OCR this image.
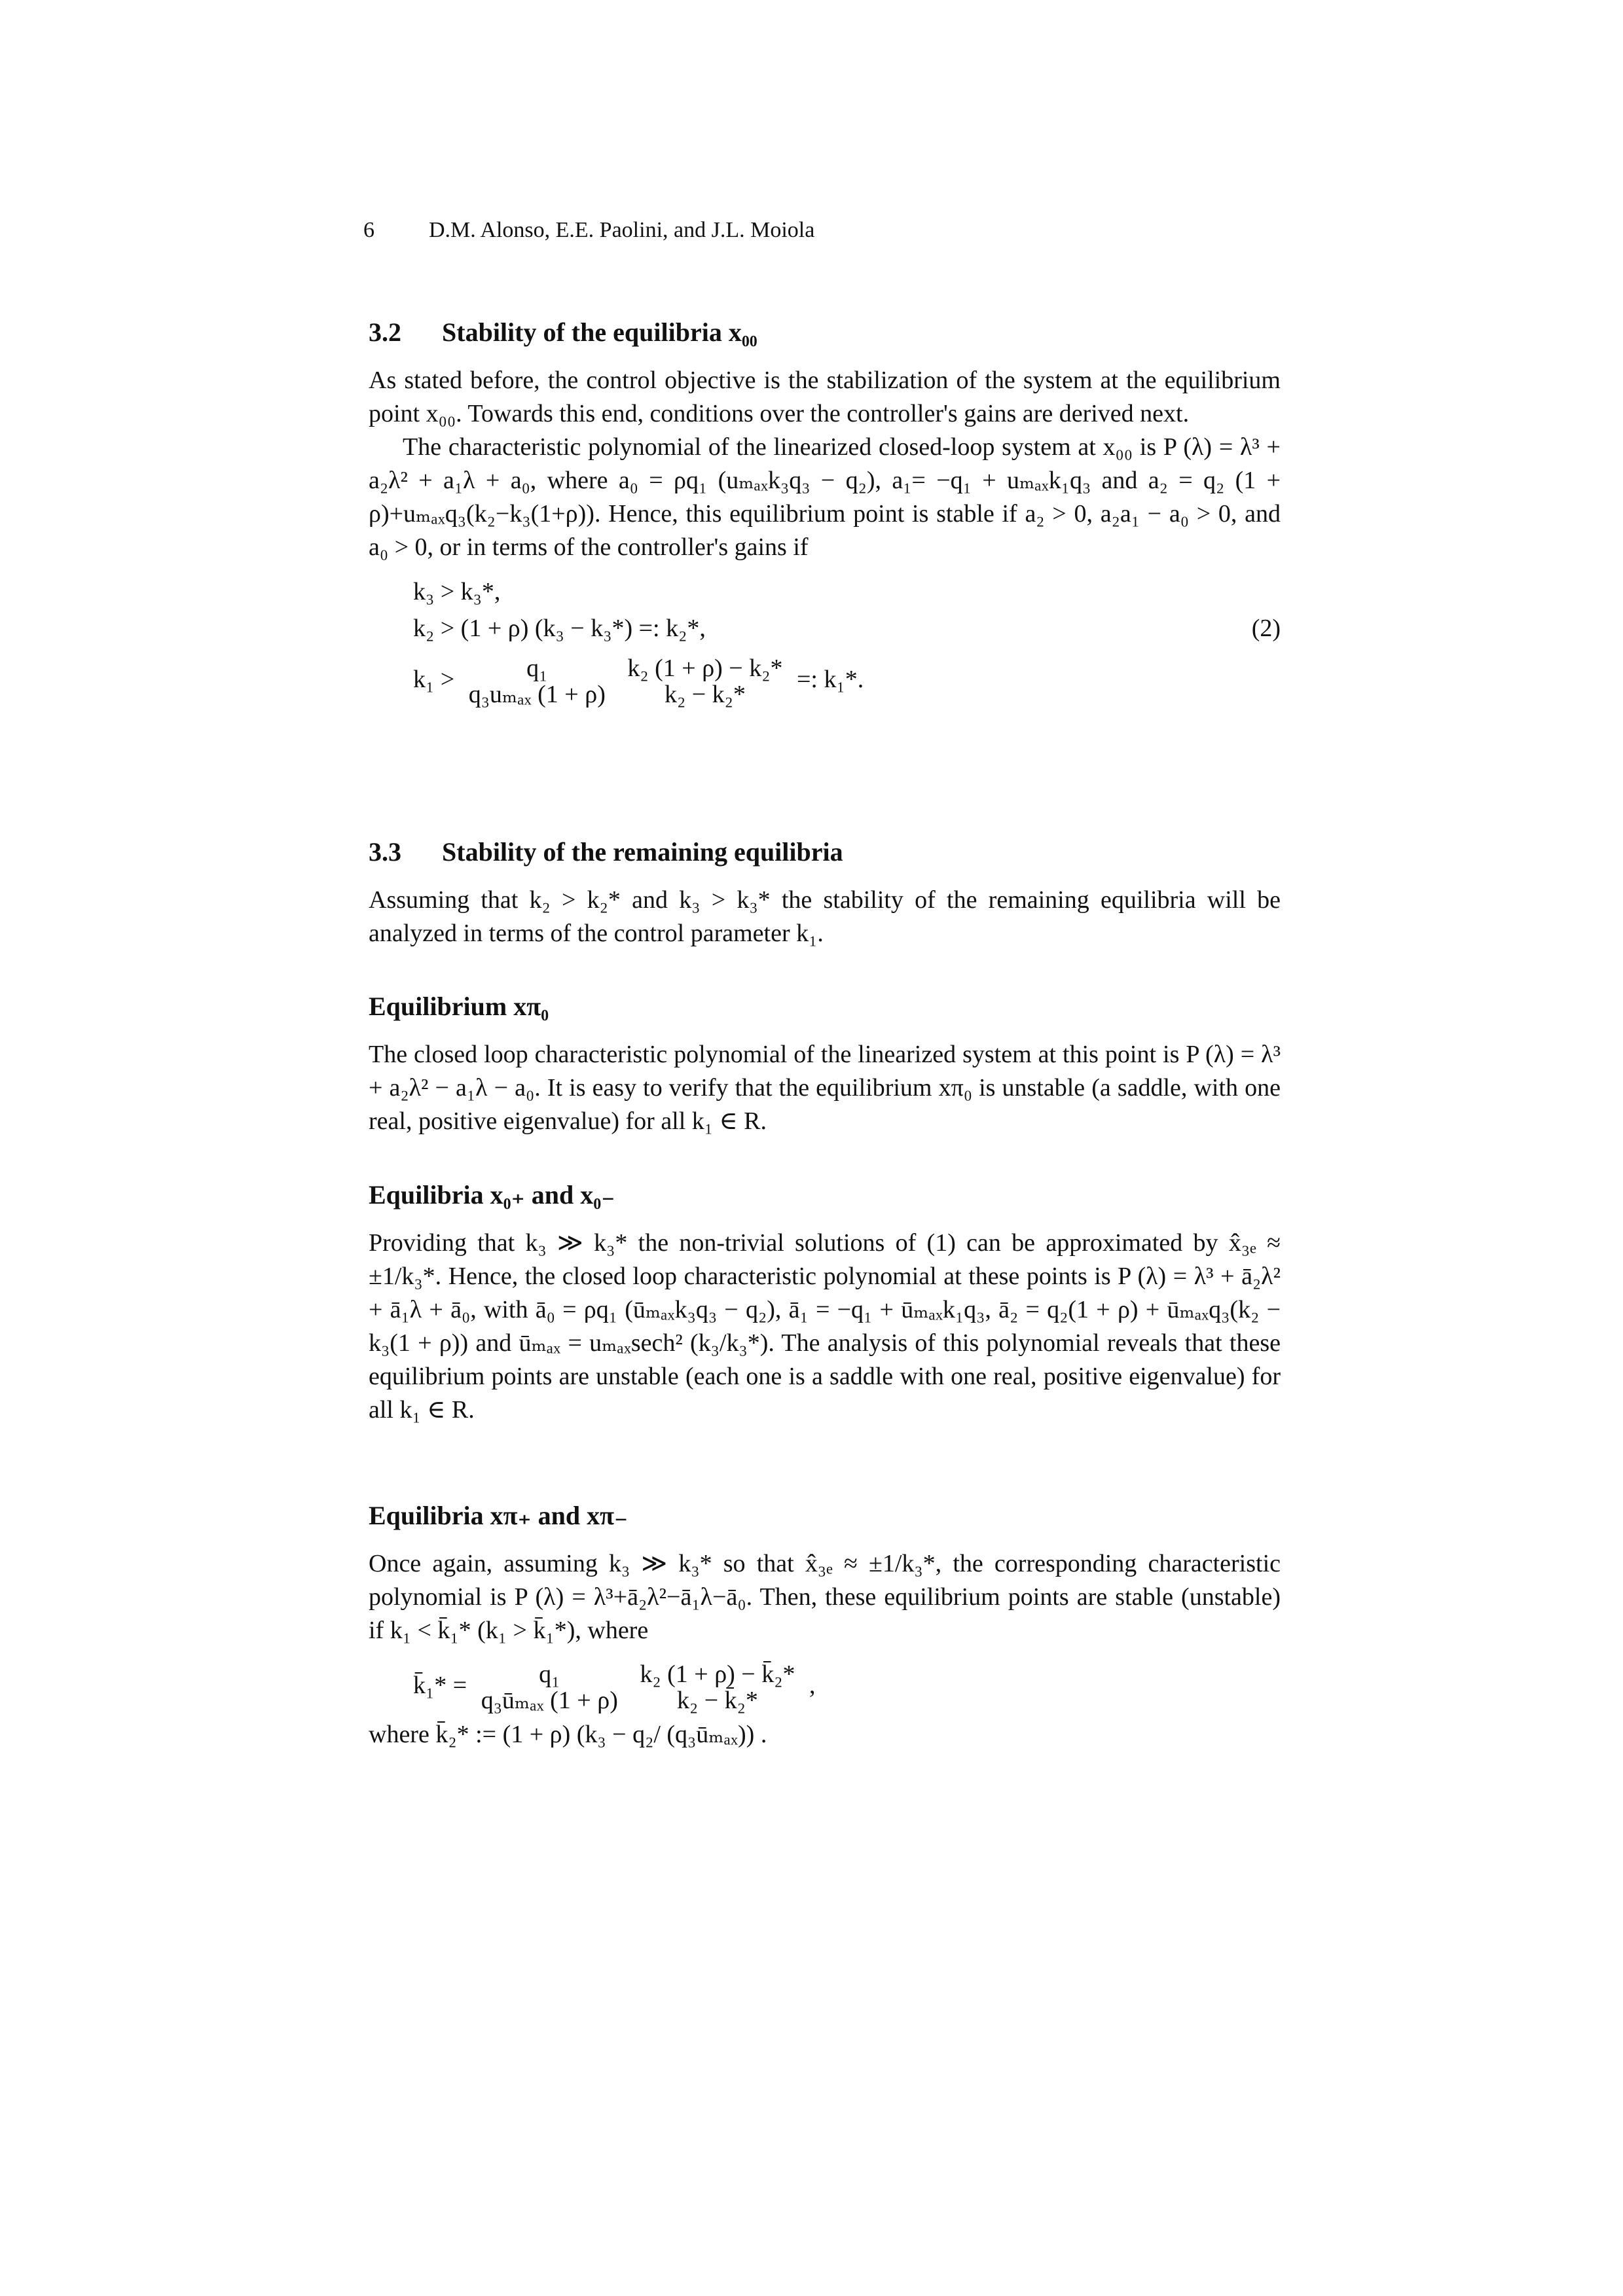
6 D.M. Alonso, E.E. Paolini, and J.L. Moiola
3.2 Stability of the equilibria x₀₀

As stated before, the control objective is the stabilization of the system at the equilibrium point x₀₀. Towards this end, conditions over the controller's gains are derived next.

The characteristic polynomial of the linearized closed-loop system at x₀₀ is P (λ) = λ³ + a₂λ² + a₁λ + a₀, where a₀ = ρq₁ (uₘₐₓk₃q₃ − q₂), a₁= −q₁ + uₘₐₓk₁q₃ and a₂ = q₂ (1 + ρ)+uₘₐₓq₃(k₂−k₃(1+ρ)). Hence, this equilibrium point is stable if a₂ > 0, a₂a₁ − a₀ > 0, and a₀ > 0, or in terms of the controller's gains if

k₃ > k₃*,
k₂ > (1 + ρ) (k₃ − k₃*) =: k₂*,
k₁ >	q₁
q₃uₘₐₓ (1 + ρ)

k₂ (1 + ρ) − k₂*
k₂ − k₂*
=: k₁*.
(2)
3.3 Stability of the remaining equilibria

Assuming that k₂ > k₂* and k₃ > k₃* the stability of the remaining equilibria will be analyzed in terms of the control parameter k₁.

Equilibrium xπ₀

The closed loop characteristic polynomial of the linearized system at this point is P (λ) = λ³ + a₂λ² − a₁λ − a₀. It is easy to verify that the equilibrium xπ₀ is unstable (a saddle, with one real, positive eigenvalue) for all k₁ ∈ R.

Equilibria x₀₊ and x₀₋

Providing that k₃ ≫ k₃* the non-trivial solutions of (1) can be approximated by x̂₃ₑ ≈ ±1/k₃*. Hence, the closed loop characteristic polynomial at these points is P (λ) = λ³ + ā₂λ² + ā₁λ + ā₀, with ā₀ = ρq₁ (ūₘₐₓk₃q₃ − q₂), ā₁ = −q₁ + ūₘₐₓk₁q₃, ā₂ = q₂(1 + ρ) + ūₘₐₓq₃(k₂ − k₃(1 + ρ)) and ūₘₐₓ = uₘₐₓsech² (k₃/k₃*). The analysis of this polynomial reveals that these equilibrium points are unstable (each one is a saddle with one real, positive eigenvalue) for all k₁ ∈ R.

Equilibria xπ₊ and xπ₋

Once again, assuming k₃ ≫ k₃* so that x̂₃ₑ ≈ ±1/k₃*, the corresponding characteristic polynomial is P (λ) = λ³+ā₂λ²−ā₁λ−ā₀. Then, these equilibrium points are stable (unstable) if k₁ < k̄₁* (k₁ > k̄₁*), where

k̄₁* =	q₁
q₃ūₘₐₓ (1 + ρ)

k₂ (1 + ρ) − k̄₂*
k₂ − k̄₂*
,

where k̄₂* := (1 + ρ) (k₃ − q₂/ (q₃ūₘₐₓ)) .
